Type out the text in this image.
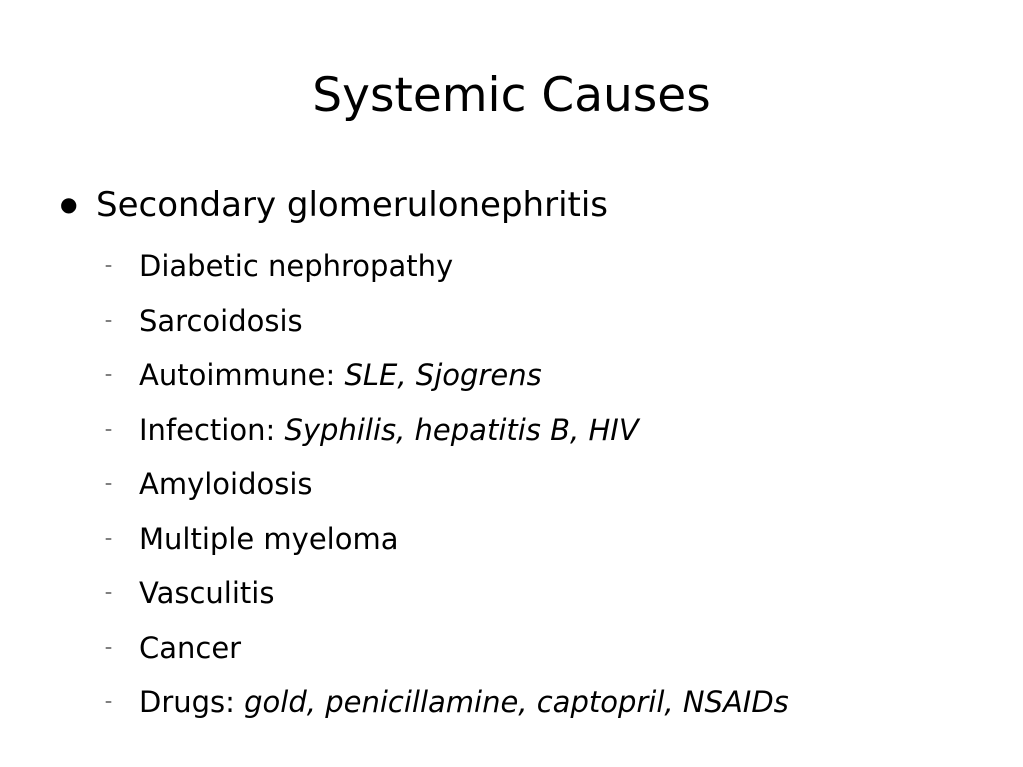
Systemic Causes
● Secondary glomerulonephritis
– Diabetic nephropathy
– Sarcoidosis
– Autoimmune: SLE, Sjogrens
– Infection: Syphilis, hepatitis B, HIV
– Amyloidosis
– Multiple myeloma
– Vasculitis
– Cancer
– Drugs: gold, penicillamine, captopril, NSAIDs
